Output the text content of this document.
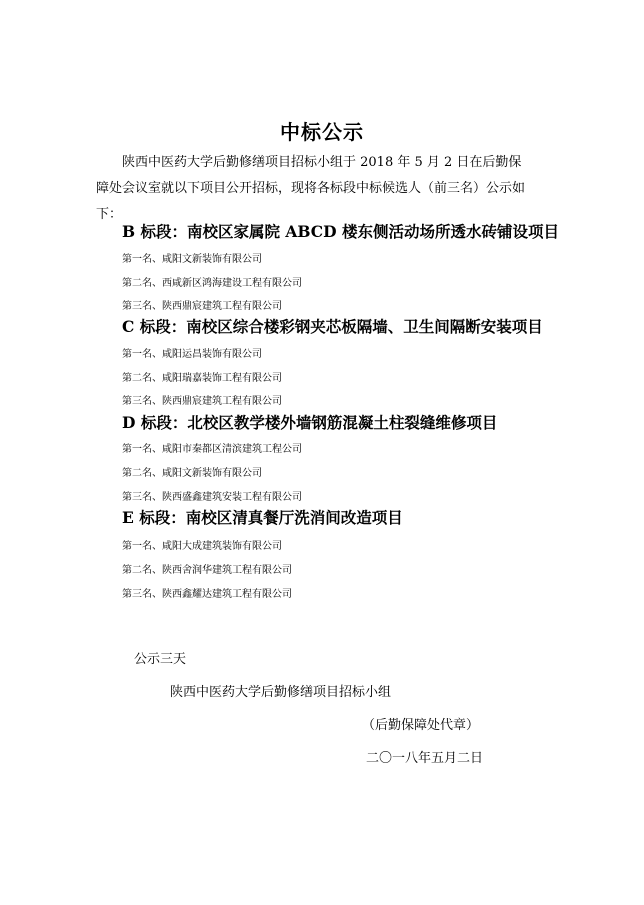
中标公示
陕西中医药大学后勤修缮项目招标小组于 2018 年 5 月 2 日在后勤保障处会议室就以下项目公开招标，现将各标段中标候选人（前三名）公示如下：
B 标段：南校区家属院 ABCD 楼东侧活动场所透水砖铺设项目
第一名、咸阳文新装饰有限公司
第二名、西咸新区鸿海建设工程有限公司
第三名、陕西鼎宸建筑工程有限公司
C 标段：南校区综合楼彩钢夹芯板隔墙、卫生间隔断安装项目
第一名、咸阳运昌装饰有限公司
第二名、咸阳瑞嘉装饰工程有限公司
第三名、陕西鼎宸建筑工程有限公司
D 标段：北校区教学楼外墙钢筋混凝土柱裂缝维修项目
第一名、咸阳市秦都区清滨建筑工程公司
第二名、咸阳文新装饰有限公司
第三名、陕西盛鑫建筑安装工程有限公司
E 标段：南校区清真餐厅洗消间改造项目
第一名、咸阳大成建筑装饰有限公司
第二名、陕西舍润华建筑工程有限公司
第三名、陕西鑫耀达建筑工程有限公司
公示三天
陕西中医药大学后勤修缮项目招标小组
（后勤保障处代章）
二〇一八年五月二日
